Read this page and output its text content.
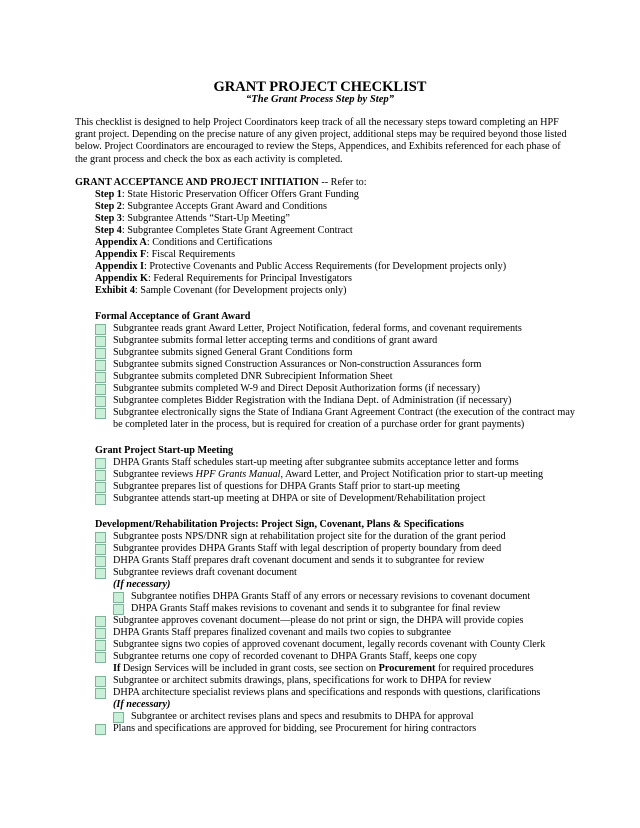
GRANT PROJECT CHECKLIST
“The Grant Process Step by Step”
This checklist is designed to help Project Coordinators keep track of all the necessary steps toward completing an HPF grant project. Depending on the precise nature of any given project, additional steps may be required beyond those listed below. Project Coordinators are encouraged to review the Steps, Appendices, and Exhibits referenced for each phase of the grant process and check the box as each activity is completed.
GRANT ACCEPTANCE AND PROJECT INITIATION -- Refer to:
Step 1: State Historic Preservation Officer Offers Grant Funding
Step 2: Subgrantee Accepts Grant Award and Conditions
Step 3: Subgrantee Attends “Start-Up Meeting”
Step 4: Subgrantee Completes State Grant Agreement Contract
Appendix A: Conditions and Certifications
Appendix F: Fiscal Requirements
Appendix I: Protective Covenants and Public Access Requirements (for Development projects only)
Appendix K: Federal Requirements for Principal Investigators
Exhibit 4: Sample Covenant (for Development projects only)
Formal Acceptance of Grant Award
Subgrantee reads grant Award Letter, Project Notification, federal forms, and covenant requirements
Subgrantee submits formal letter accepting terms and conditions of grant award
Subgrantee submits signed General Grant Conditions form
Subgrantee submits signed Construction Assurances or Non-construction Assurances form
Subgrantee submits completed DNR Subrecipient Information Sheet
Subgrantee submits completed W-9 and Direct Deposit Authorization forms (if necessary)
Subgrantee completes Bidder Registration with the Indiana Dept. of Administration (if necessary)
Subgrantee electronically signs the State of Indiana Grant Agreement Contract (the execution of the contract may be completed later in the process, but is required for creation of a purchase order for grant payments)
Grant Project Start-up Meeting
DHPA Grants Staff schedules start-up meeting after subgrantee submits acceptance letter and forms
Subgrantee reviews HPF Grants Manual, Award Letter, and Project Notification prior to start-up meeting
Subgrantee prepares list of questions for DHPA Grants Staff prior to start-up meeting
Subgrantee attends start-up meeting at DHPA or site of Development/Rehabilitation project
Development/Rehabilitation Projects: Project Sign, Covenant, Plans & Specifications
Subgrantee posts NPS/DNR sign at rehabilitation project site for the duration of the grant period
Subgrantee provides DHPA Grants Staff with legal description of property boundary from deed
DHPA Grants Staff prepares draft covenant document and sends it to subgrantee for review
Subgrantee reviews draft covenant document
(If necessary)
Subgrantee notifies DHPA Grants Staff of any errors or necessary revisions to covenant document
DHPA Grants Staff makes revisions to covenant and sends it to subgrantee for final review
Subgrantee approves covenant document—please do not print or sign, the DHPA will provide copies
DHPA Grants Staff prepares finalized covenant and mails two copies to subgrantee
Subgrantee signs two copies of approved covenant document, legally records covenant with County Clerk
Subgrantee returns one copy of recorded covenant to DHPA Grants Staff, keeps one copy
If Design Services will be included in grant costs, see section on Procurement for required procedures
Subgrantee or architect submits drawings, plans, specifications for work to DHPA for review
DHPA architecture specialist reviews plans and specifications and responds with questions, clarifications
(If necessary)
Subgrantee or architect revises plans and specs and resubmits to DHPA for approval
Plans and specifications are approved for bidding, see Procurement for hiring contractors
